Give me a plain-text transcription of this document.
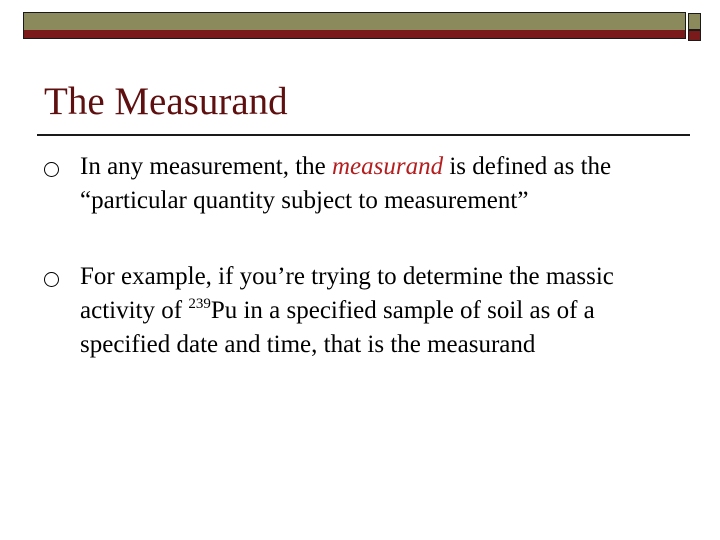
The Measurand
In any measurement, the measurand is defined as the “particular quantity subject to measurement”
For example, if you’re trying to determine the massic activity of $^{239}$Pu in a specified sample of soil as of a specified date and time, that is the measurand
